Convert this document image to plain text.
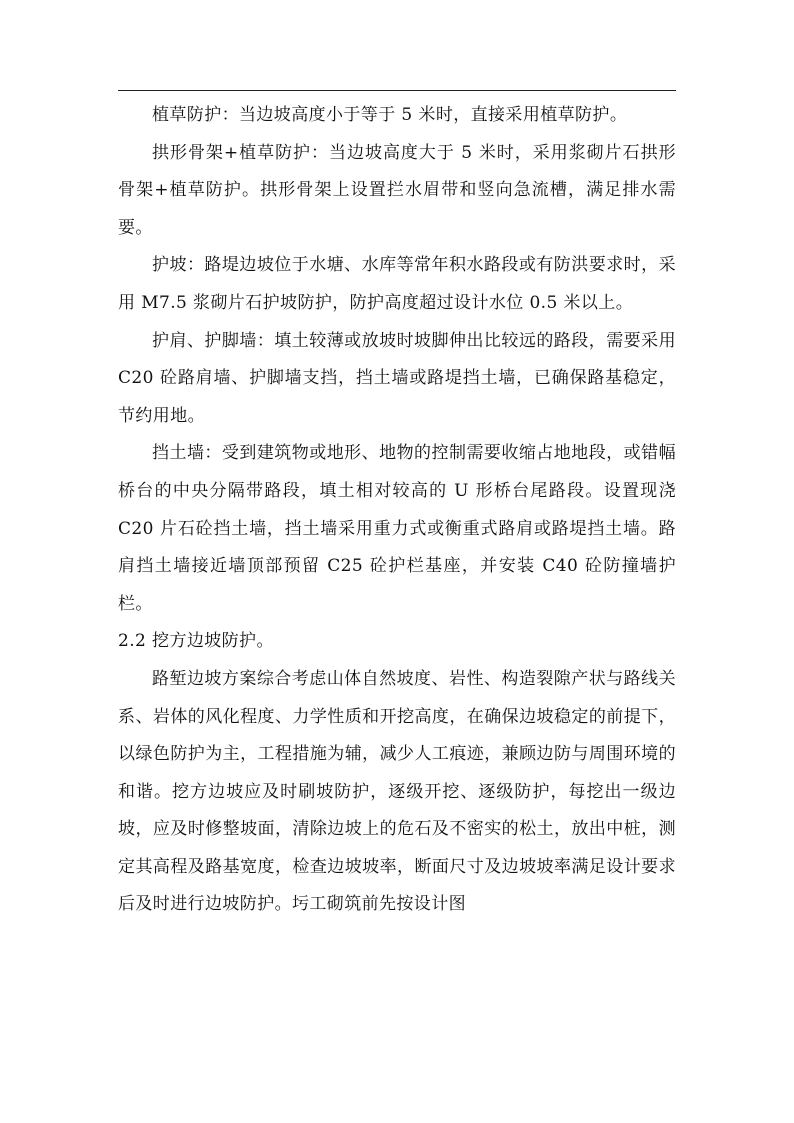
植草防护：当边坡高度小于等于 5 米时，直接采用植草防护。

拱形骨架+植草防护：当边坡高度大于 5 米时，采用浆砌片石拱形骨架+植草防护。拱形骨架上设置拦水眉带和竖向急流槽，满足排水需要。

护坡：路堤边坡位于水塘、水库等常年积水路段或有防洪要求时，采用 M7.5 浆砌片石护坡防护，防护高度超过设计水位 0.5 米以上。

护肩、护脚墙：填土较薄或放坡时坡脚伸出比较远的路段，需要采用 C20 砼路肩墙、护脚墙支挡，挡土墙或路堤挡土墙，已确保路基稳定，节约用地。

挡土墙：受到建筑物或地形、地物的控制需要收缩占地地段，或错幅桥台的中央分隔带路段，填土相对较高的 U 形桥台尾路段。设置现浇 C20 片石砼挡土墙，挡土墙采用重力式或衡重式路肩或路堤挡土墙。路肩挡土墙接近墙顶部预留 C25 砼护栏基座，并安装 C40 砼防撞墙护栏。

2.2 挖方边坡防护。

路堑边坡方案综合考虑山体自然坡度、岩性、构造裂隙产状与路线关系、岩体的风化程度、力学性质和开挖高度，在确保边坡稳定的前提下，以绿色防护为主，工程措施为辅，减少人工痕迹，兼顾边防与周围环境的和谐。挖方边坡应及时刷坡防护，逐级开挖、逐级防护，每挖出一级边坡，应及时修整坡面，清除边坡上的危石及不密实的松土，放出中桩，测定其高程及路基宽度，检查边坡坡率，断面尺寸及边坡坡率满足设计要求后及时进行边坡防护。圬工砌筑前先按设计图
